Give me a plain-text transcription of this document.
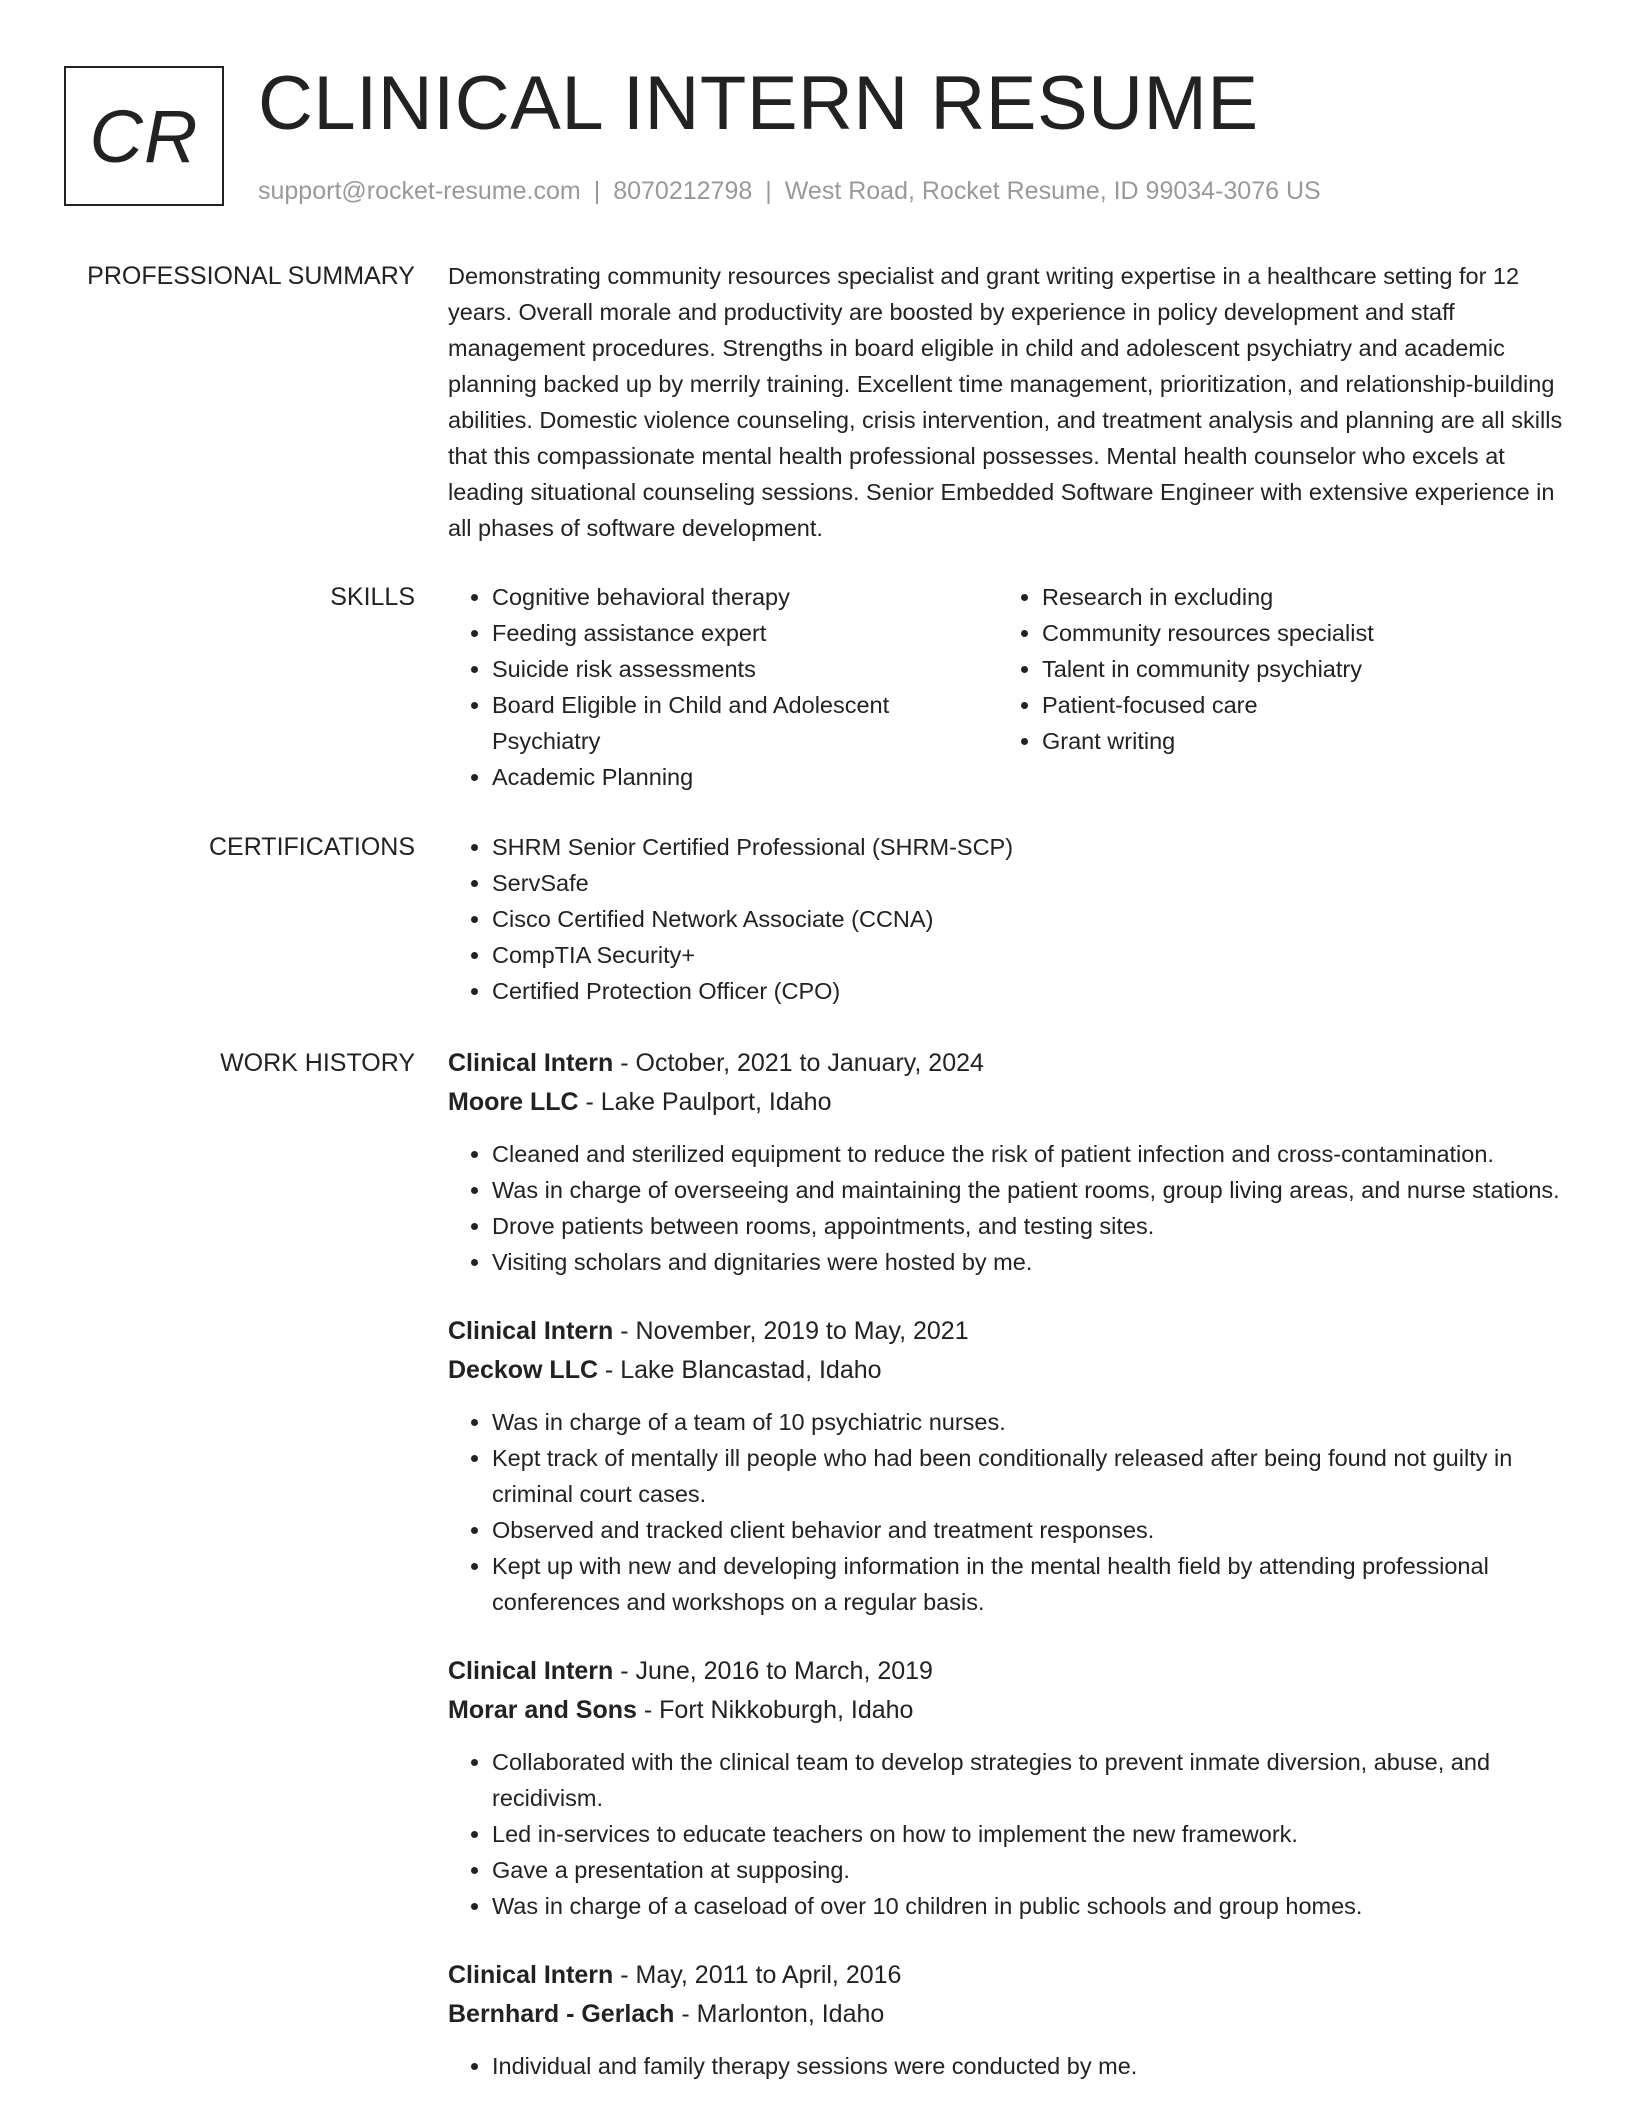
CR CLINICAL INTERN RESUME
support@rocket-resume.com | 8070212798 | West Road, Rocket Resume, ID 99034-3076 US
PROFESSIONAL SUMMARY Demonstrating community resources specialist and grant writing expertise in a healthcare setting for 12 years. Overall morale and productivity are boosted by experience in policy development and staff management procedures. Strengths in board eligible in child and adolescent psychiatry and academic planning backed up by merrily training. Excellent time management, prioritization, and relationship-building abilities. Domestic violence counseling, crisis intervention, and treatment analysis and planning are all skills that this compassionate mental health professional possesses. Mental health counselor who excels at leading situational counseling sessions. Senior Embedded Software Engineer with extensive experience in all phases of software development.

SKILLS	• Cognitive behavioral therapy
• Feeding assistance expert
• Suicide risk assessments
• Board Eligible in Child and Adolescent Psychiatry
• Academic Planning
• Research in excluding
• Community resources specialist
• Talent in community psychiatry
• Patient-focused care
• Grant writing
CERTIFICATIONS	• SHRM Senior Certified Professional (SHRM-SCP)
• ServSafe
• Cisco Certified Network Associate (CCNA)
• CompTIA Security+
• Certified Protection Officer (CPO)
WORK HISTORY Clinical Intern - October, 2021 to January, 2024
Moore LLC - Lake Paulport, Idaho
• Cleaned and sterilized equipment to reduce the risk of patient infection and cross-contamination.
• Was in charge of overseeing and maintaining the patient rooms, group living areas, and nurse stations.
• Drove patients between rooms, appointments, and testing sites.
• Visiting scholars and dignitaries were hosted by me.
Clinical Intern - November, 2019 to May, 2021
Deckow LLC - Lake Blancastad, Idaho
• Was in charge of a team of 10 psychiatric nurses.
• Kept track of mentally ill people who had been conditionally released after being found not guilty in criminal court cases.
• Observed and tracked client behavior and treatment responses.
• Kept up with new and developing information in the mental health field by attending professional conferences and workshops on a regular basis.
Clinical Intern - June, 2016 to March, 2019
Morar and Sons - Fort Nikkoburgh, Idaho
• Collaborated with the clinical team to develop strategies to prevent inmate diversion, abuse, and recidivism.
• Led in-services to educate teachers on how to implement the new framework.
• Gave a presentation at supposing.
• Was in charge of a caseload of over 10 children in public schools and group homes.
Clinical Intern - May, 2011 to April, 2016
Bernhard - Gerlach - Marlonton, Idaho
• Individual and family therapy sessions were conducted by me.
